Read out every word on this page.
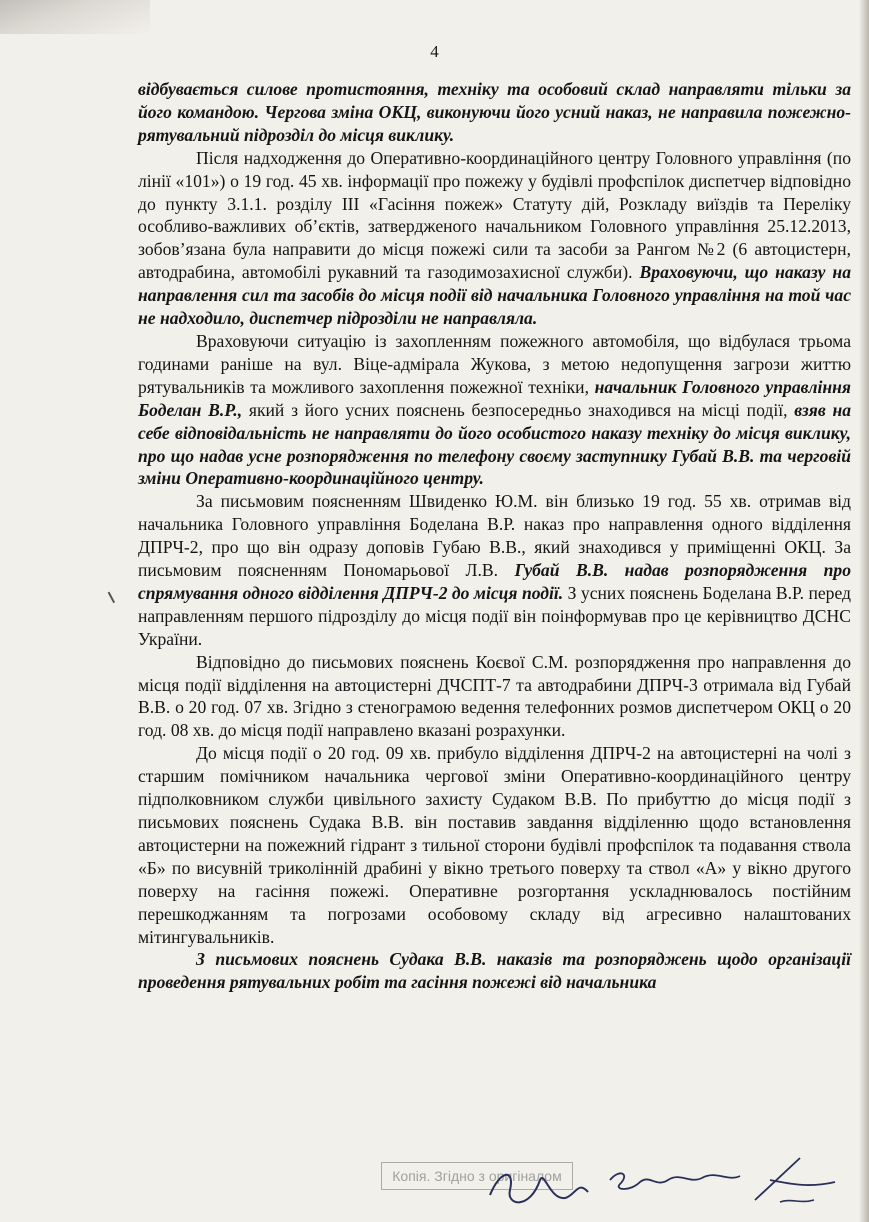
4

відбувається силове протистояння, техніку та особовий склад направляти тільки за його командою. Чергова зміна ОКЦ, виконуючи його усний наказ, не направила пожежно-рятувальний підрозділ до місця виклику.

Після надходження до Оперативно-координаційного центру Головного управління (по лінії «101») о 19 год. 45 хв. інформації про пожежу у будівлі профспілок диспетчер відповідно до пункту 3.1.1. розділу ІІІ «Гасіння пожеж» Статуту дій, Розкладу виїздів та Переліку особливо-важливих об’єктів, затвердженого начальником Головного управління 25.12.2013, зобов’язана була направити до місця пожежі сили та засоби за Рангом №2 (6 автоцистерн, автодрабина, автомобілі рукавний та газодимозахисної служби). Враховуючи, що наказу на направлення сил та засобів до місця події від начальника Головного управління на той час не надходило, диспетчер підрозділи не направляла.

Враховуючи ситуацію із захопленням пожежного автомобіля, що відбулася трьома годинами раніше на вул. Віце-адмірала Жукова, з метою недопущення загрози життю рятувальників та можливого захоплення пожежної техніки, начальник Головного управління Боделан В.Р., який з його усних пояснень безпосередньо знаходився на місці події, взяв на себе відповідальність не направляти до його особистого наказу техніку до місця виклику, про що надав усне розпорядження по телефону своєму заступнику Губай В.В. та черговій зміни Оперативно-координаційного центру.

За письмовим поясненням Швиденко Ю.М. він близько 19 год. 55 хв. отримав від начальника Головного управління Боделана В.Р. наказ про направлення одного відділення ДПРЧ-2, про що він одразу доповів Губаю В.В., який знаходився у приміщенні ОКЦ. За письмовим поясненням Пономарьової Л.В. Губай В.В. надав розпорядження про спрямування одного відділення ДПРЧ-2 до місця події. З усних пояснень Боделана В.Р. перед направленням першого підрозділу до місця події він поінформував про це керівництво ДСНС України.

Відповідно до письмових пояснень Коєвої С.М. розпорядження про направлення до місця події відділення на автоцистерні ДЧСПТ-7 та автодрабини ДПРЧ-3 отримала від Губай В.В. о 20 год. 07 хв. Згідно з стенограмою ведення телефонних розмов диспетчером ОКЦ о 20 год. 08 хв. до місця події направлено вказані розрахунки.

До місця події о 20 год. 09 хв. прибуло відділення ДПРЧ-2 на автоцистерні на чолі з старшим помічником начальника чергової зміни Оперативно-координаційного центру підполковником служби цивільного захисту Судаком В.В. По прибуттю до місця події з письмових пояснень Судака В.В. він поставив завдання відділенню щодо встановлення автоцистерни на пожежний гідрант з тильної сторони будівлі профспілок та подавання ствола «Б» по висувній триколінній драбині у вікно третього поверху та ствол «А» у вікно другого поверху на гасіння пожежі. Оперативне розгортання ускладнювалось постійним перешкоджанням та погрозами особовому складу від агресивно налаштованих мітингувальників.

З письмових пояснень Судака В.В. наказів та розпоряджень щодо організації проведення рятувальних робіт та гасіння пожежі від начальника

Копія. Згідно з оригіналом
